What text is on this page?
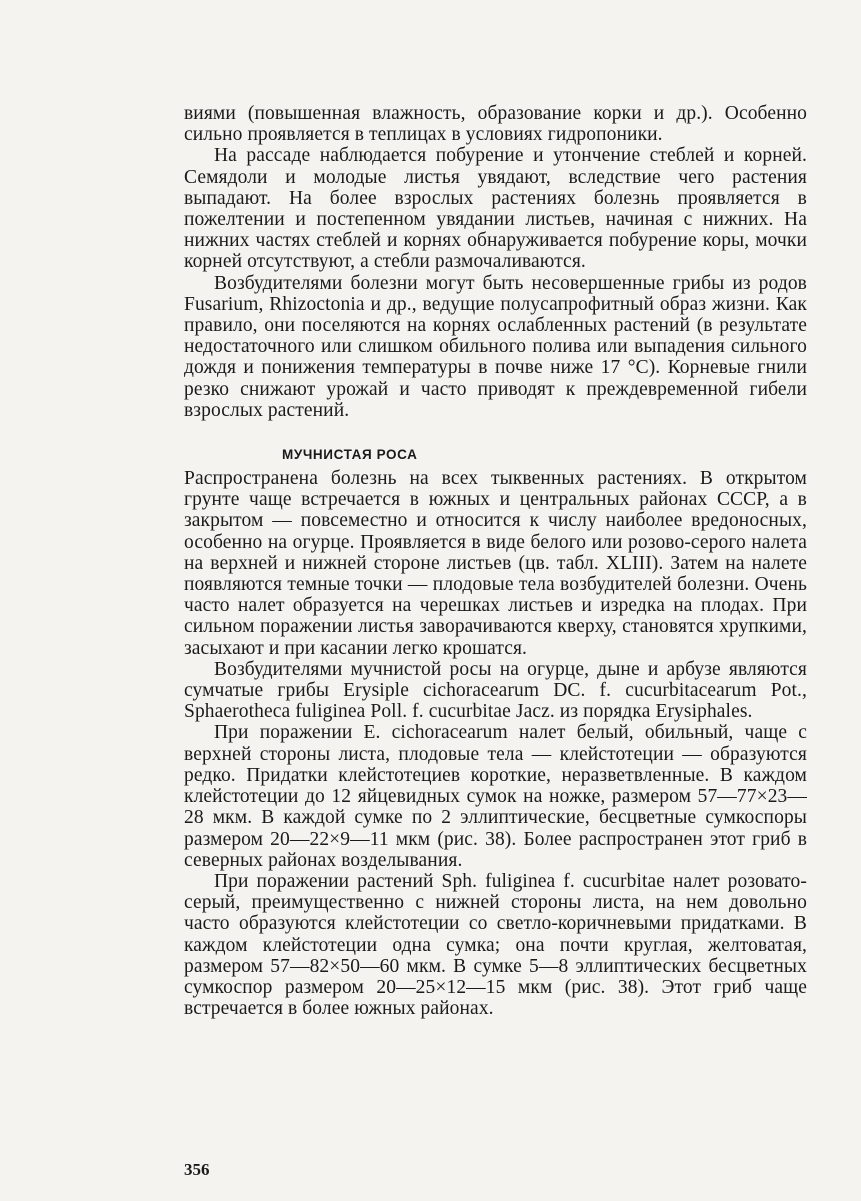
виями (повышенная влажность, образование корки и др.). Особенно сильно проявляется в теплицах в условиях гидропоники.

На рассаде наблюдается побурение и утончение стеблей и корней. Семядоли и молодые листья увядают, вследствие чего растения выпадают. На более взрослых растениях болезнь проявляется в пожелтении и постепенном увядании листьев, начиная с нижних. На нижних частях стеблей и корнях обнаруживается побурение коры, мочки корней отсутствуют, а стебли размочаливаются.

Возбудителями болезни могут быть несовершенные грибы из родов Fusarium, Rhizoctonia и др., ведущие полусапрофитный образ жизни. Как правило, они поселяются на корнях ослабленных растений (в результате недостаточного или слишком обильного полива или выпадения сильного дождя и понижения температуры в почве ниже 17 °C). Корневые гнили резко снижают урожай и часто приводят к преждевременной гибели взрослых растений.

МУЧНИСТАЯ РОСА

Распространена болезнь на всех тыквенных растениях. В открытом грунте чаще встречается в южных и центральных районах СССР, а в закрытом — повсеместно и относится к числу наиболее вредоносных, особенно на огурце. Проявляется в виде белого или розово-серого налета на верхней и нижней стороне листьев (цв. табл. XLIII). Затем на налете появляются темные точки — плодовые тела возбудителей болезни. Очень часто налет образуется на черешках листьев и изредка на плодах. При сильном поражении листья заворачиваются кверху, становятся хрупкими, засыхают и при касании легко крошатся.

Возбудителями мучнистой росы на огурце, дыне и арбузе являются сумчатые грибы Erysiple cichoracearum DC. f. cucurbitacearum Pot., Sphaerotheca fuliginea Poll. f. cucurbitae Jacz. из порядка Erysiphales.

При поражении E. cichoracearum налет белый, обильный, чаще с верхней стороны листа, плодовые тела — клейстотеции — образуются редко. Придатки клейстотециев короткие, неразветвленные. В каждом клейстотеции до 12 яйцевидных сумок на ножке, размером 57—77×23—28 мкм. В каждой сумке по 2 эллиптические, бесцветные сумкоспоры размером 20—22×9—11 мкм (рис. 38). Более распространен этот гриб в северных районах возделывания.

При поражении растений Sph. fuliginea f. cucurbitae налет розовато-серый, преимущественно с нижней стороны листа, на нем довольно часто образуются клейстотеции со светло-коричневыми придатками. В каждом клейстотеции одна сумка; она почти круглая, желтоватая, размером 57—82×50—60 мкм. В сумке 5—8 эллиптических бесцветных сумкоспор размером 20—25×12—15 мкм (рис. 38). Этот гриб чаще встречается в более южных районах.

356
